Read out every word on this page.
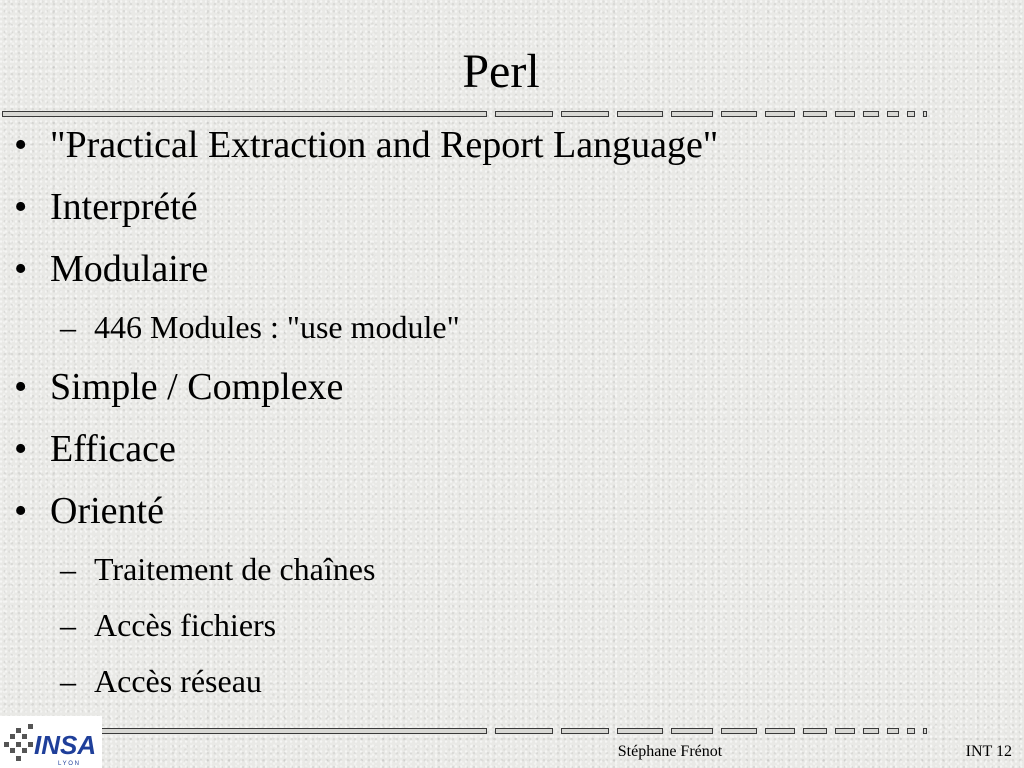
Perl
• "Practical Extraction and Report Language"
• Interprété
• Modulaire
– 446 Modules : "use module"
• Simple / Complexe
• Efficace
• Orienté
– Traitement de chaînes
– Accès fichiers
– Accès réseau
INSA
L Y O N
Stéphane Frénot	INT 12
